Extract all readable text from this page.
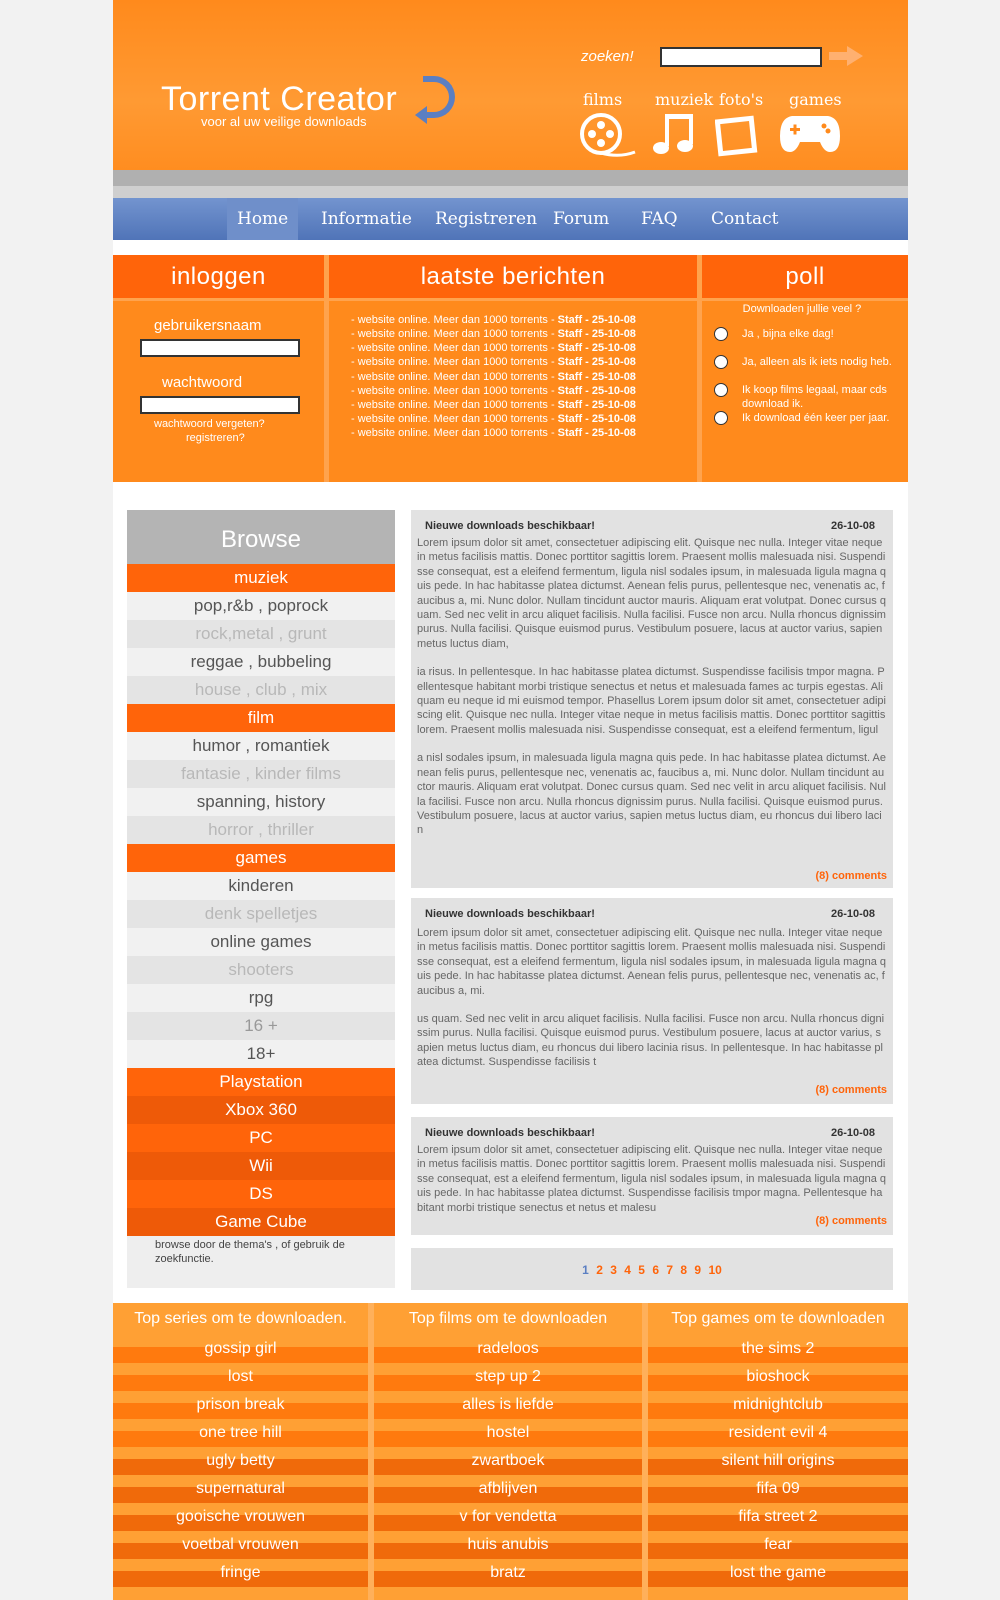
Torrent Creator
voor al uw veilige downloads
zoeken!
films muziek foto's games
Home	Informatie Registreren Forum FAQ Contact
inloggen
gebruikersnaam
wachtwoord
wachtwoord vergeten?
registreren?
laatste berichten
- website online. Meer dan 1000 torrents - Staff - 25-10-08
- website online. Meer dan 1000 torrents - Staff - 25-10-08
- website online. Meer dan 1000 torrents - Staff - 25-10-08
- website online. Meer dan 1000 torrents - Staff - 25-10-08
- website online. Meer dan 1000 torrents - Staff - 25-10-08
- website online. Meer dan 1000 torrents - Staff - 25-10-08
- website online. Meer dan 1000 torrents - Staff - 25-10-08
- website online. Meer dan 1000 torrents - Staff - 25-10-08
- website online. Meer dan 1000 torrents - Staff - 25-10-08
poll
Downloaden jullie veel ?
Ja , bijna elke dag!
Ja, alleen als ik iets nodig heb.
Ik koop films legaal, maar cds download ik.
Ik download één keer per jaar.
Browse
muziek
pop,r&b , poprock
rock,metal , grunt
reggae , bubbeling
house , club , mix
film
humor , romantiek
fantasie , kinder films
spanning, history
horror , thriller
games
kinderen
denk spelletjes
online games
shooters
rpg
16 +
18+
Playstation
Xbox 360
PC
Wii
DS
Game Cube
browse door de thema's , of gebruik de zoekfunctie.
Nieuwe downloads beschikbaar!	26-10-08

Lorem ipsum dolor sit amet, consectetuer adipiscing elit. Quisque nec nulla. Integer vitae neque in metus facilisis mattis. Donec porttitor sagittis lorem. Praesent mollis malesuada nisi. Suspendisse consequat, est a eleifend fermentum, ligula nisl sodales ipsum, in malesuada ligula magna quis pede. In hac habitasse platea dictumst. Aenean felis purus, pellentesque nec, venenatis ac, faucibus a, mi. Nunc dolor. Nullam tincidunt auctor mauris. Aliquam erat volutpat. Donec cursus quam. Sed nec velit in arcu aliquet facilisis. Nulla facilisi. Fusce non arcu. Nulla rhoncus dignissim purus. Nulla facilisi. Quisque euismod purus. Vestibulum posuere, lacus at auctor varius, sapien metus luctus diam,

ia risus. In pellentesque. In hac habitasse platea dictumst. Suspendisse facilisis tmpor magna. Pellentesque habitant morbi tristique senectus et netus et malesuada fames ac turpis egestas. Aliquam eu neque id mi euismod tempor. Phasellus Lorem ipsum dolor sit amet, consectetuer adipiscing elit. Quisque nec nulla. Integer vitae neque in metus facilisis mattis. Donec porttitor sagittis lorem. Praesent mollis malesuada nisi. Suspendisse consequat, est a eleifend fermentum, ligul

a nisl sodales ipsum, in malesuada ligula magna quis pede. In hac habitasse platea dictumst. Aenean felis purus, pellentesque nec, venenatis ac, faucibus a, mi. Nunc dolor. Nullam tincidunt auctor mauris. Aliquam erat volutpat. Donec cursus quam. Sed nec velit in arcu aliquet facilisis. Nulla facilisi. Fusce non arcu. Nulla rhoncus dignissim purus. Nulla facilisi. Quisque euismod purus. Vestibulum posuere, lacus at auctor varius, sapien metus luctus diam, eu rhoncus dui libero lacin

(8) comments
Nieuwe downloads beschikbaar!	26-10-08

Lorem ipsum dolor sit amet, consectetuer adipiscing elit. Quisque nec nulla. Integer vitae neque in metus facilisis mattis. Donec porttitor sagittis lorem. Praesent mollis malesuada nisi. Suspendisse consequat, est a eleifend fermentum, ligula nisl sodales ipsum, in malesuada ligula magna quis pede. In hac habitasse platea dictumst. Aenean felis purus, pellentesque nec, venenatis ac, faucibus a, mi.

us quam. Sed nec velit in arcu aliquet facilisis. Nulla facilisi. Fusce non arcu. Nulla rhoncus dignissim purus. Nulla facilisi. Quisque euismod purus. Vestibulum posuere, lacus at auctor varius, sapien metus luctus diam, eu rhoncus dui libero lacinia risus. In pellentesque. In hac habitasse platea dictumst. Suspendisse facilisis t

(8) comments
Nieuwe downloads beschikbaar!	26-10-08

Lorem ipsum dolor sit amet, consectetuer adipiscing elit. Quisque nec nulla. Integer vitae neque in metus facilisis mattis. Donec porttitor sagittis lorem. Praesent mollis malesuada nisi. Suspendisse consequat, est a eleifend fermentum, ligula nisl sodales ipsum, in malesuada ligula magna quis pede. In hac habitasse platea dictumst. Suspendisse facilisis tmpor magna. Pellentesque habitant morbi tristique senectus et netus et malesu

(8) comments
1 2 3 4 5 6 7 8 9 10
Top series om te downloaden.
gossip girl
lost
prison break
one tree hill
ugly betty
supernatural
gooische vrouwen
voetbal vrouwen
fringe
Top films om te downloaden
radeloos
step up 2
alles is liefde
hostel
zwartboek
afblijven
v for vendetta
huis anubis
bratz
Top games om te downloaden
the sims 2
bioshock
midnightclub
resident evil 4
silent hill origins
fifa 09
fifa street 2
fear
lost the game
